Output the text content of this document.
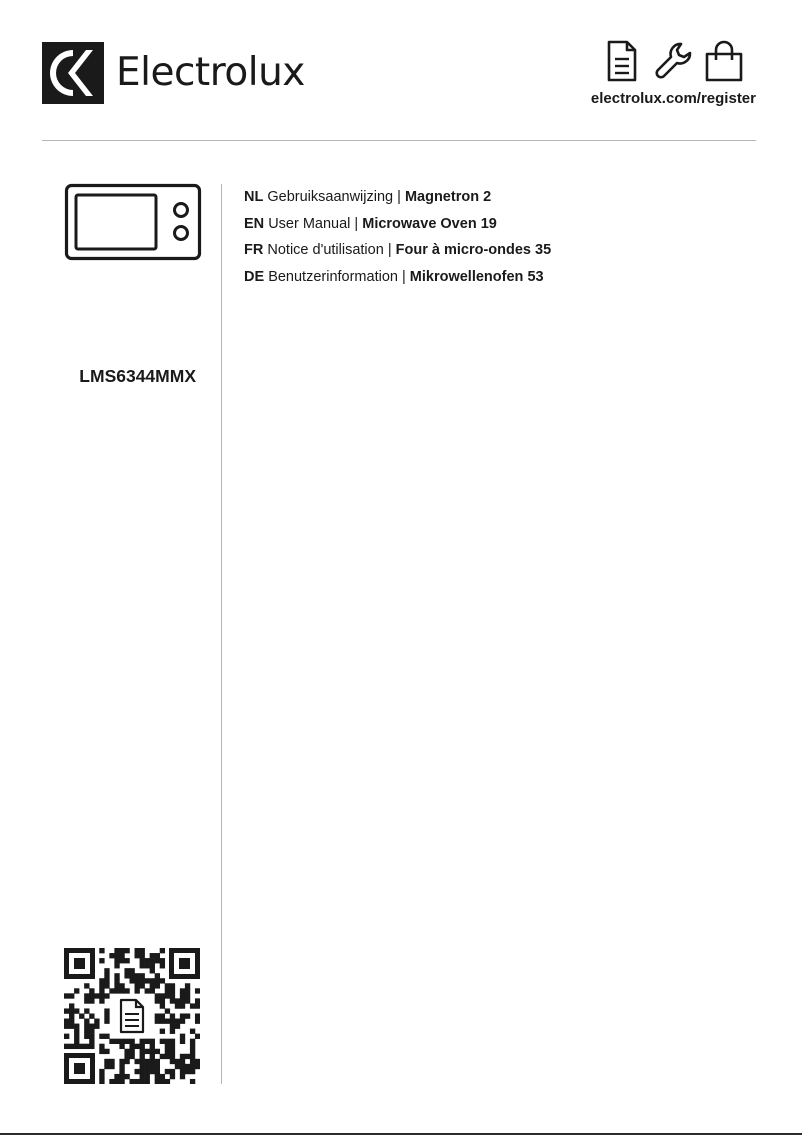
Electrolux
electrolux.com/register
LMS6344MMX
NL Gebruiksaanwijzing | Magnetron 2
EN User Manual | Microwave Oven 19
FR Notice d'utilisation | Four à micro-ondes 35
DE Benutzerinformation | Mikrowellenofen 53
